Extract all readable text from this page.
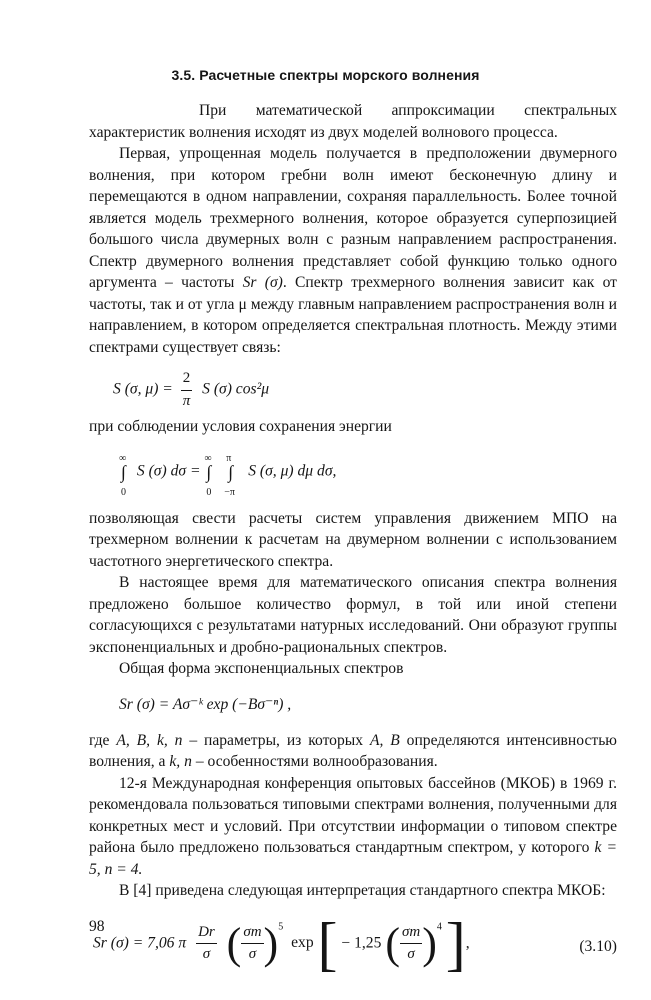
3.5. Расчетные спектры морского волнения

При математической аппроксимации спектральных характеристик волнения исходят из двух моделей волнового процесса.

Первая, упрощенная модель получается в предположении двумерного волнения, при котором гребни волн имеют бесконечную длину и перемещаются в одном направлении, сохраняя параллельность. Более точной является модель трехмерного волнения, которое образуется суперпозицией большого числа двумерных волн с разным направлением распространения. Спектр двумерного волнения представляет собой функцию только одного аргумента – частоты Sr (σ). Спектр трехмерного волнения зависит как от частоты, так и от угла μ между главным направлением распространения волн и направлением, в котором определяется спектральная плотность. Между этими спектрами существует связь:

S (σ, $\mu) = \frac{2}{\pi}$ S (σ) cos²μ

при соблюдении условия сохранения энергии

∞
∫
0
S (σ) dσ =
∞
∫
0

π
∫
−π
S (σ, μ) dμ dσ,

позволяющая свести расчеты систем управления движением МПО на трехмерном волнении к расчетам на двумерном волнении с использованием частотного энергетического спектра.

В настоящее время для математического описания спектра волнения предложено большое количество формул, в той или иной степени согласующихся с результатами натурных исследований. Они образуют группы экспоненциальных и дробно-рациональных спектров.

Общая форма экспоненциальных спектров

Sr (σ) = Aσ⁻ᵏ exp (−Bσ⁻ⁿ) ,

где A, B, k, n – параметры, из которых A, B определяются интенсивностью волнения, а k, n – особенностями волнообразования.

12-я Международная конференция опытовых бассейнов (МКОБ) в 1969 г. рекомендовала пользоваться типовыми спектрами волнения, полученными для конкретных мест и условий. При отсутствии информации о типовом спектре района было предложено пользоваться стандартным спектром, у которого k = 5, n = 4.

В [4] приведена следующая интерпретация стандартного спектра МКОБ:

Sr (σ) = 7,06 π $\frac{Dr}{\sigma}$ ( $\frac{\sigma m}{\sigma} )^5$ exp [ − 1,25 ( $\frac{\sigma m}{\sigma} )^4$ ],	(3.10)
98
